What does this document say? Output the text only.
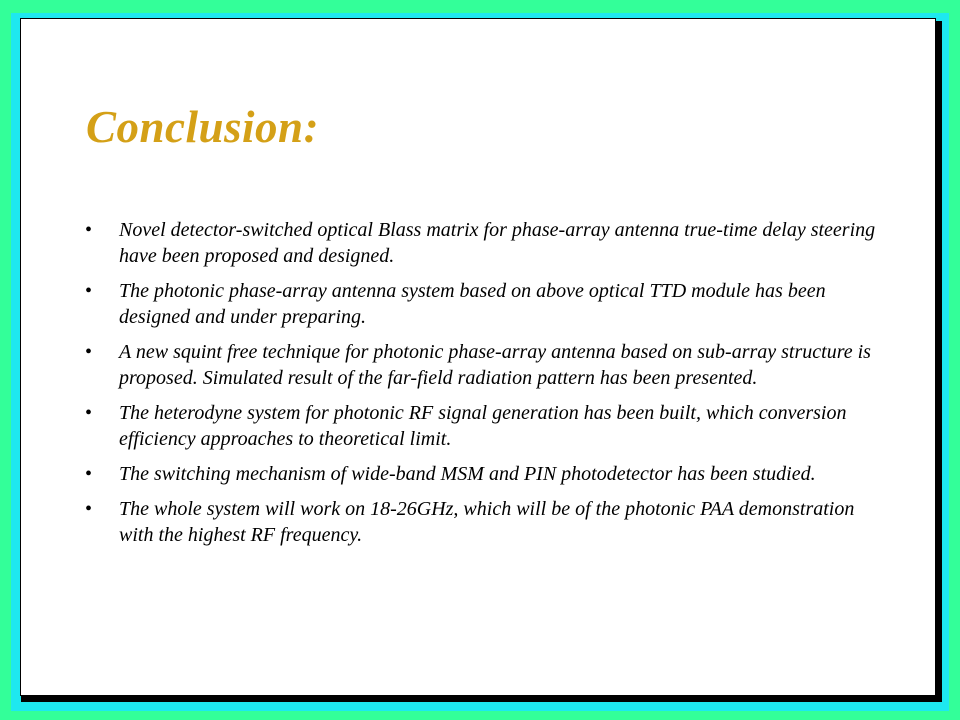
Conclusion:
• Novel detector-switched optical Blass matrix for phase-array antenna true-time delay steering have been proposed and designed.
• The photonic phase-array antenna system based on above optical TTD module has been designed and under preparing.
• A new squint free technique for photonic phase-array antenna based on sub-array structure is proposed. Simulated result of the far-field radiation pattern has been presented.
• The heterodyne system for photonic RF signal generation has been built, which conversion efficiency approaches to theoretical limit.
• The switching mechanism of wide-band MSM and PIN photodetector has been studied.
• The whole system will work on 18-26GHz, which will be of the photonic PAA demonstration with the highest RF frequency.
